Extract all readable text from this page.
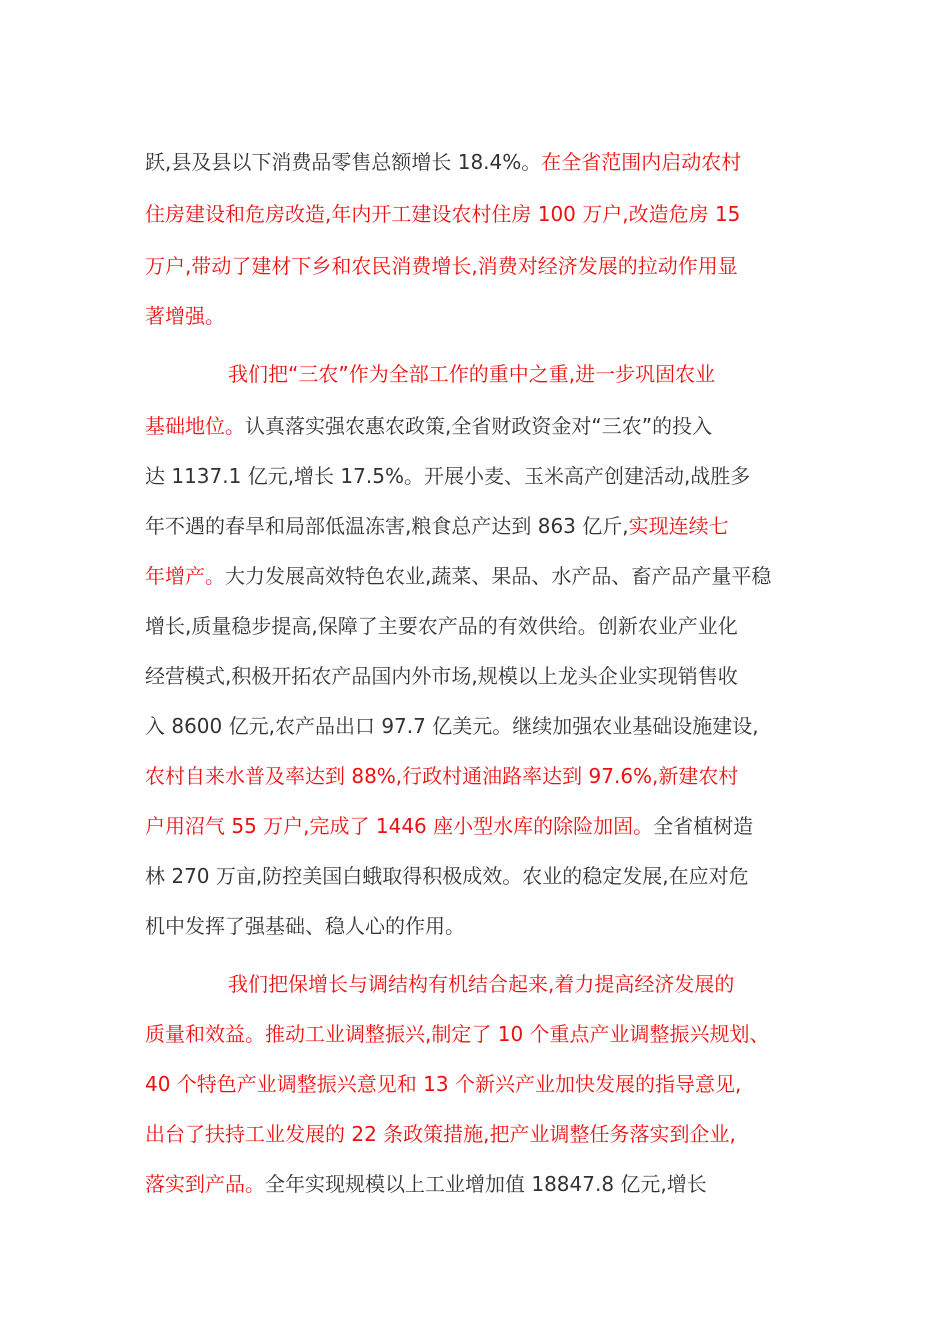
跃,县及县以下消费品零售总额增长 18.4%。在全省范围内启动农村
住房建设和危房改造,年内开工建设农村住房 100 万户,改造危房 15
万户,带动了建材下乡和农民消费增长,消费对经济发展的拉动作用显
著增强。
我们把“三农”作为全部工作的重中之重,进一步巩固农业
基础地位。认真落实强农惠农政策,全省财政资金对“三农”的投入
达 1137.1 亿元,增长 17.5%。开展小麦、玉米高产创建活动,战胜多
年不遇的春旱和局部低温冻害,粮食总产达到 863 亿斤,实现连续七
年增产。大力发展高效特色农业,蔬菜、果品、水产品、畜产品产量平稳
增长,质量稳步提高,保障了主要农产品的有效供给。创新农业产业化
经营模式,积极开拓农产品国内外市场,规模以上龙头企业实现销售收
入 8600 亿元,农产品出口 97.7 亿美元。继续加强农业基础设施建设,
农村自来水普及率达到 88%,行政村通油路率达到 97.6%,新建农村
户用沼气 55 万户,完成了 1446 座小型水库的除险加固。全省植树造
林 270 万亩,防控美国白蛾取得积极成效。农业的稳定发展,在应对危
机中发挥了强基础、稳人心的作用。
我们把保增长与调结构有机结合起来,着力提高经济发展的
质量和效益。推动工业调整振兴,制定了 10 个重点产业调整振兴规划、
40 个特色产业调整振兴意见和 13 个新兴产业加快发展的指导意见,
出台了扶持工业发展的 22 条政策措施,把产业调整任务落实到企业,
落实到产品。全年实现规模以上工业增加值 18847.8 亿元,增长
